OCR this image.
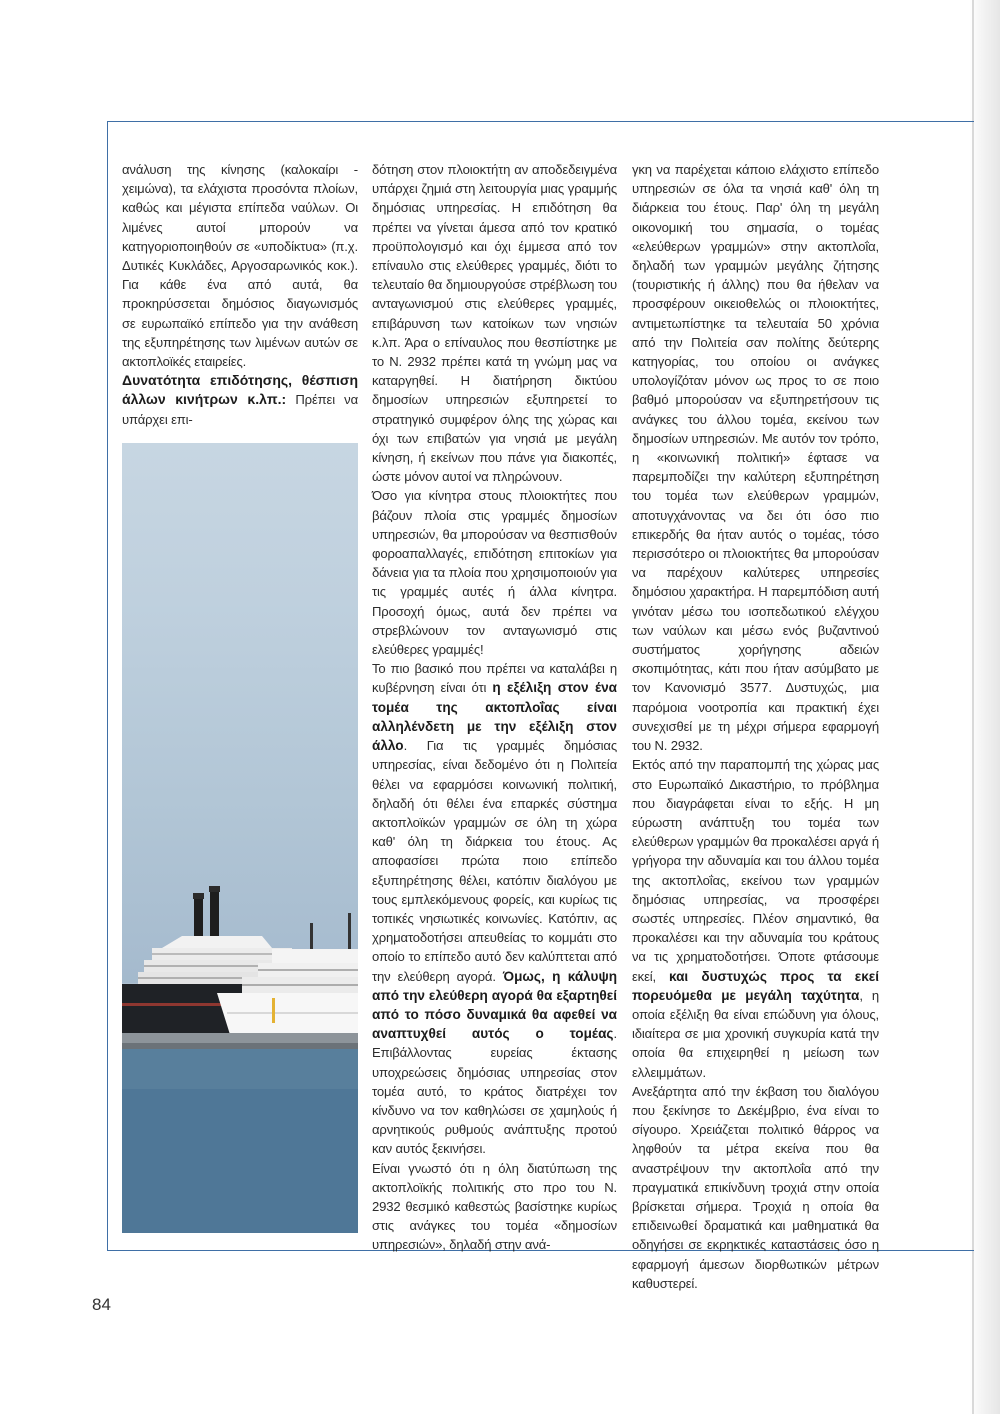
ανάλυση της κίνησης (καλοκαίρι - χειμώνα), τα ελάχιστα προσόντα πλοίων, καθώς και μέγιστα επίπεδα ναύλων. Οι λιμένες αυτοί μπορούν να κατηγοριοποιηθούν σε «υποδίκτυα» (π.χ. Δυτικές Κυκλάδες, Αργοσαρωνικός κοκ.). Για κάθε ένα από αυτά, θα προκηρύσσεται δημόσιος διαγωνισμός σε ευρωπαϊκό επίπεδο για την ανάθεση της εξυπηρέτησης των λιμένων αυτών σε ακτοπλοϊκές εταιρείες.

Δυνατότητα επιδότησης, θέσπιση άλλων κινήτρων κ.λπ.: Πρέπει να υπάρχει επι-

δότηση στον πλοιοκτήτη αν αποδεδειγμένα υπάρχει ζημιά στη λειτουργία μιας γραμμής δημόσιας υπηρεσίας. Η επιδότηση θα πρέπει να γίνεται άμεσα από τον κρατικό προϋπολογισμό και όχι έμμεσα από τον επίναυλο στις ελεύθερες γραμμές, διότι το τελευταίο θα δημιουργούσε στρέβλωση του ανταγωνισμού στις ελεύθερες γραμμές, επιβάρυνση των κατοίκων των νησιών κ.λπ. Άρα ο επίναυλος που θεσπίστηκε με το Ν. 2932 πρέπει κατά τη γνώμη μας να καταργηθεί. Η διατήρηση δικτύου δημοσίων υπηρεσιών εξυπηρετεί το στρατηγικό συμφέρον όλης της χώρας και όχι των επιβατών για νησιά με μεγάλη κίνηση, ή εκείνων που πάνε για διακοπές, ώστε μόνον αυτοί να πληρώνουν.

Όσο για κίνητρα στους πλοιοκτήτες που βάζουν πλοία στις γραμμές δημοσίων υπηρεσιών, θα μπορούσαν να θεσπισθούν φοροαπαλλαγές, επιδότηση επιτοκίων για δάνεια για τα πλοία που χρησιμοποιούν για τις γραμμές αυτές ή άλλα κίνητρα. Προσοχή όμως, αυτά δεν πρέπει να στρεβλώνουν τον ανταγωνισμό στις ελεύθερες γραμμές!

Το πιο βασικό που πρέπει να καταλάβει η κυβέρνηση είναι ότι η εξέλιξη στον ένα τομέα της ακτοπλοΐας είναι αλληλένδετη με την εξέλιξη στον άλλο. Για τις γραμμές δημόσιας υπηρεσίας, είναι δεδομένο ότι η Πολιτεία θέλει να εφαρμόσει κοινωνική πολιτική, δηλαδή ότι θέλει ένα επαρκές σύστημα ακτοπλοϊκών γραμμών σε όλη τη χώρα καθ' όλη τη διάρκεια του έτους. Ας αποφασίσει πρώτα ποιο επίπεδο εξυπηρέτησης θέλει, κατόπιν διαλόγου με τους εμπλεκόμενους φορείς, και κυρίως τις τοπικές νησιωτικές κοινωνίες. Κατόπιν, ας χρηματοδοτήσει απευθείας το κομμάτι στο οποίο το επίπεδο αυτό δεν καλύπτεται από την ελεύθερη αγορά. Όμως, η κάλυψη από την ελεύθερη αγορά θα εξαρτηθεί από το πόσο δυναμικά θα αφεθεί να αναπτυχθεί αυτός ο τομέας. Επιβάλλοντας ευρείας έκτασης υποχρεώσεις δημόσιας υπηρεσίας στον τομέα αυτό, το κράτος διατρέχει τον κίνδυνο να τον καθηλώσει σε χαμηλούς ή αρνητικούς ρυθμούς ανάπτυξης προτού καν αυτός ξεκινήσει.

Είναι γνωστό ότι η όλη διατύπωση της ακτοπλοϊκής πολιτικής στο προ του Ν. 2932 θεσμικό καθεστώς βασίστηκε κυρίως στις ανάγκες του τομέα «δημοσίων υπηρεσιών», δηλαδή στην ανά-

γκη να παρέχεται κάποιο ελάχιστο επίπεδο υπηρεσιών σε όλα τα νησιά καθ' όλη τη διάρκεια του έτους. Παρ' όλη τη μεγάλη οικονομική του σημασία, ο τομέας «ελεύθερων γραμμών» στην ακτοπλοΐα, δηλαδή των γραμμών μεγάλης ζήτησης (τουριστικής ή άλλης) που θα ήθελαν να προσφέρουν οικειοθελώς οι πλοιοκτήτες, αντιμετωπίστηκε τα τελευταία 50 χρόνια από την Πολιτεία σαν πολίτης δεύτερης κατηγορίας, του οποίου οι ανάγκες υπολογίζόταν μόνον ως προς το σε ποιο βαθμό μπορούσαν να εξυπηρετήσουν τις ανάγκες του άλλου τομέα, εκείνου των δημοσίων υπηρεσιών. Με αυτόν τον τρόπο, η «κοινωνική πολιτική» έφτασε να παρεμποδίζει την καλύτερη εξυπηρέτηση του τομέα των ελεύθερων γραμμών, αποτυγχάνοντας να δει ότι όσο πιο επικερδής θα ήταν αυτός ο τομέας, τόσο περισσότερο οι πλοιοκτήτες θα μπορούσαν να παρέχουν καλύτερες υπηρεσίες δημόσιου χαρακτήρα. Η παρεμπόδιση αυτή γινόταν μέσω του ισοπεδωτικού ελέγχου των ναύλων και μέσω ενός βυζαντινού συστήματος χορήγησης αδειών σκοπιμότητας, κάτι που ήταν ασύμβατο με τον Κανονισμό 3577. Δυστυχώς, μια παρόμοια νοοτροπία και πρακτική έχει συνεχισθεί με τη μέχρι σήμερα εφαρμογή του Ν. 2932.

Εκτός από την παραπομπή της χώρας μας στο Ευρωπαϊκό Δικαστήριο, το πρόβλημα που διαγράφεται είναι το εξής. Η μη εύρωστη ανάπτυξη του τομέα των ελεύθερων γραμμών θα προκαλέσει αργά ή γρήγορα την αδυναμία και του άλλου τομέα της ακτοπλοΐας, εκείνου των γραμμών δημόσιας υπηρεσίας, να προσφέρει σωστές υπηρεσίες. Πλέον σημαντικό, θα προκαλέσει και την αδυναμία του κράτους να τις χρηματοδοτήσει. Όποτε φτάσουμε εκεί, και δυστυχώς προς τα εκεί πορευόμεθα με μεγάλη ταχύτητα, η οποία εξέλιξη θα είναι επώδυνη για όλους, ιδιαίτερα σε μια χρονική συγκυρία κατά την οποία θα επιχειρηθεί η μείωση των ελλειμμάτων.

Ανεξάρτητα από την έκβαση του διαλόγου που ξεκίνησε το Δεκέμβριο, ένα είναι το σίγουρο. Χρειάζεται πολιτικό θάρρος να ληφθούν τα μέτρα εκείνα που θα αναστρέψουν την ακτοπλοΐα από την πραγματικά επικίνδυνη τροχιά στην οποία βρίσκεται σήμερα. Τροχιά η οποία θα επιδεινωθεί δραματικά και μαθηματικά θα οδηγήσει σε εκρηκτικές καταστάσεις όσο η εφαρμογή άμεσων διορθωτικών μέτρων καθυστερεί.

84
